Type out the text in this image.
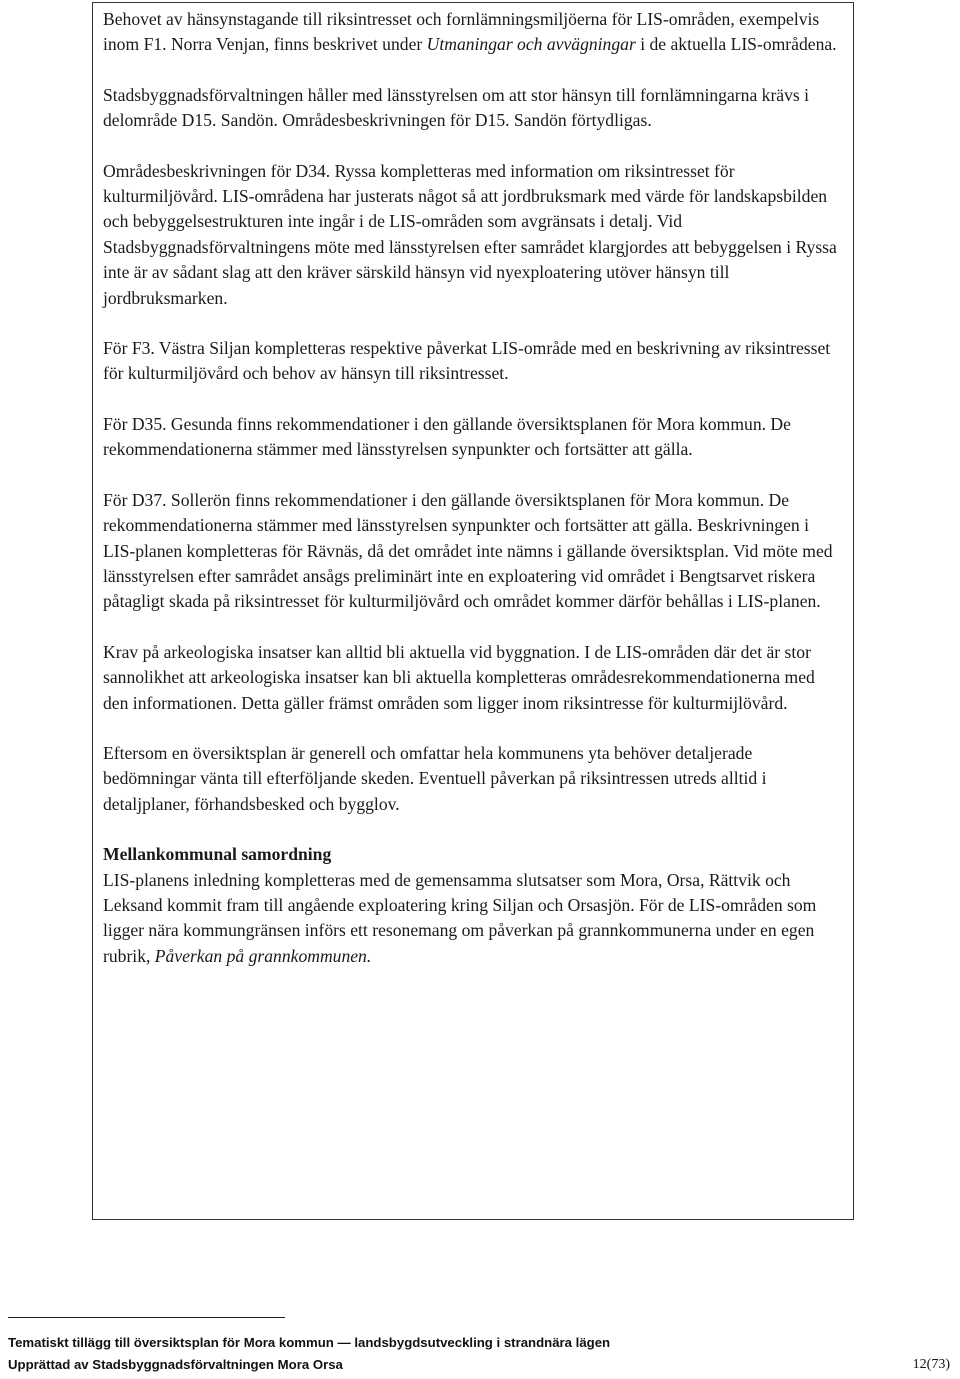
Behovet av hänsynstagande till riksintresset och fornlämningsmiljöerna för LIS-områden, exempelvis inom F1. Norra Venjan, finns beskrivet under Utmaningar och avvägningar i de aktuella LIS-områdena.

Stadsbyggnadsförvaltningen håller med länsstyrelsen om att stor hänsyn till fornlämningarna krävs i delområde D15. Sandön. Områdesbeskrivningen för D15. Sandön förtydligas.

Områdesbeskrivningen för D34. Ryssa kompletteras med information om riksintresset för kulturmiljövård. LIS-områdena har justerats något så att jordbruksmark med värde för landskapsbilden och bebyggelsestrukturen inte ingår i de LIS-områden som avgränsats i detalj. Vid Stadsbyggnadsförvaltningens möte med länsstyrelsen efter samrådet klargjordes att bebyggelsen i Ryssa inte är av sådant slag att den kräver särskild hänsyn vid nyexploatering utöver hänsyn till jordbruksmarken.

För F3. Västra Siljan kompletteras respektive påverkat LIS-område med en beskrivning av riksintresset för kulturmiljövård och behov av hänsyn till riksintresset.

För D35. Gesunda finns rekommendationer i den gällande översiktsplanen för Mora kommun. De rekommendationerna stämmer med länsstyrelsen synpunkter och fortsätter att gälla.

För D37. Sollerön finns rekommendationer i den gällande översiktsplanen för Mora kommun. De rekommendationerna stämmer med länsstyrelsen synpunkter och fortsätter att gälla. Beskrivningen i LIS-planen kompletteras för Rävnäs, då det området inte nämns i gällande översiktsplan. Vid möte med länsstyrelsen efter samrådet ansågs preliminärt inte en exploatering vid området i Bengtsarvet riskera påtagligt skada på riksintresset för kulturmiljövård och området kommer därför behållas i LIS-planen.

Krav på arkeologiska insatser kan alltid bli aktuella vid byggnation. I de LIS-områden där det är stor sannolikhet att arkeologiska insatser kan bli aktuella kompletteras områdesrekommendationerna med den informationen. Detta gäller främst områden som ligger inom riksintresse för kulturmijlövård.

Eftersom en översiktsplan är generell och omfattar hela kommunens yta behöver detaljerade bedömningar vänta till efterföljande skeden. Eventuell påverkan på riksintressen utreds alltid i detaljplaner, förhandsbesked och bygglov.

Mellankommunal samordning

LIS-planens inledning kompletteras med de gemensamma slutsatser som Mora, Orsa, Rättvik och Leksand kommit fram till angående exploatering kring Siljan och Orsasjön. För de LIS-områden som ligger nära kommungränsen införs ett resonemang om påverkan på grannkommunerna under en egen rubrik, Påverkan på grannkommunen.

Tematiskt tillägg till översiktsplan för Mora kommun — landsbygdsutveckling i strandnära lägen
Upprättad av Stadsbyggnadsförvaltningen Mora Orsa	12(73)
